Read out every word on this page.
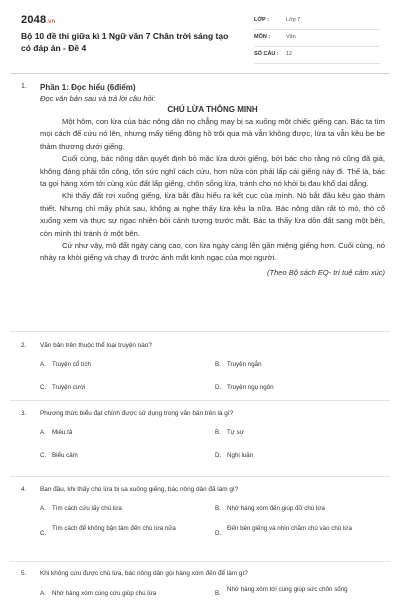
2048.vn
Bộ 10 đề thi giữa kì 1 Ngữ văn 7 Chân trời sáng tạo có đáp án - Đề 4
LỚP :	Lớp 7
MÔN :	Văn
SỐ CÂU : 12
1. Phần 1: Đọc hiểu (6điểm)
Đọc văn bản sau và trả lời câu hỏi:
CHÚ LỪA THÔNG MINH

Một hôm, con lừa của bác nông dân nọ chẳng may bị sa xuống một chiếc giếng cạn. Bác ta tìm mọi cách để cứu nó lên, nhưng mấy tiếng đồng hồ trôi qua mà vẫn không được, lừa ta vẫn kêu be be thảm thương dưới giếng.

Cuối cùng, bác nông dân quyết định bỏ mặc lừa dưới giếng, bởi bác cho rằng nó cũng đã già, không đáng phải tốn công, tốn sức nghĩ cách cứu, hơn nữa còn phải lấp cái giếng này đi. Thế là, bác ta gọi hàng xóm tới cùng xúc đất lấp giếng, chôn sống lừa, tránh cho nó khỏi bị đau khổ dai dẳng.

Khi thấy đất rơi xuống giếng, lừa bắt đầu hiểu ra kết cục của mình. Nó bắt đầu kêu gào thảm thiết. Nhưng chỉ mấy phút sau, không ai nghe thấy lừa kêu la nữa. Bác nông dân rất tò mò, thò cổ xuống xem và thực sự ngạc nhiên bởi cảnh tượng trước mắt. Bác ta thấy lừa dồn đất sang một bên, còn mình thì tránh ở một bên.

Cứ như vậy, mô đất ngày càng cao, con lừa ngày càng lên gần miệng giếng hơn. Cuối cùng, nó nhảy ra khỏi giếng và chạy đi trước ánh mắt kinh ngạc của mọi người.

(Theo Bộ sách EQ- trí tuệ cảm xúc)
2. Văn bản trên thuộc thể loại truyện nào?
A. Truyện cổ tích	B. Truyện ngắn
C. Truyện cười	D. Truyện ngụ ngôn
3. Phương thức biểu đạt chính được sử dụng trong văn bản trên là gì?
A. Miêu tả	B. Tự sự
C. Biểu cảm	D. Nghị luận
4. Ban đầu, khi thấy chú lừa bị sa xuống giếng, bác nông dân đã làm gì?
A. Tìm cách cứu lấy chú lừa	B. Nhờ hàng xóm đến giúp đỡ chú lừa
C.
Tìm cách để không bận tâm đến chú lừa nữa
D.
Đến bên giếng và nhìn chăm chú vào chú lừa
5. Khi không cứu được chú lừa, bác nông dân gọi hàng xóm đến để làm gì?
A. Nhờ hàng xóm cùng cứu giúp chú lừa	B.
Nhờ hàng xóm tới cùng giúp sức chôn sống
